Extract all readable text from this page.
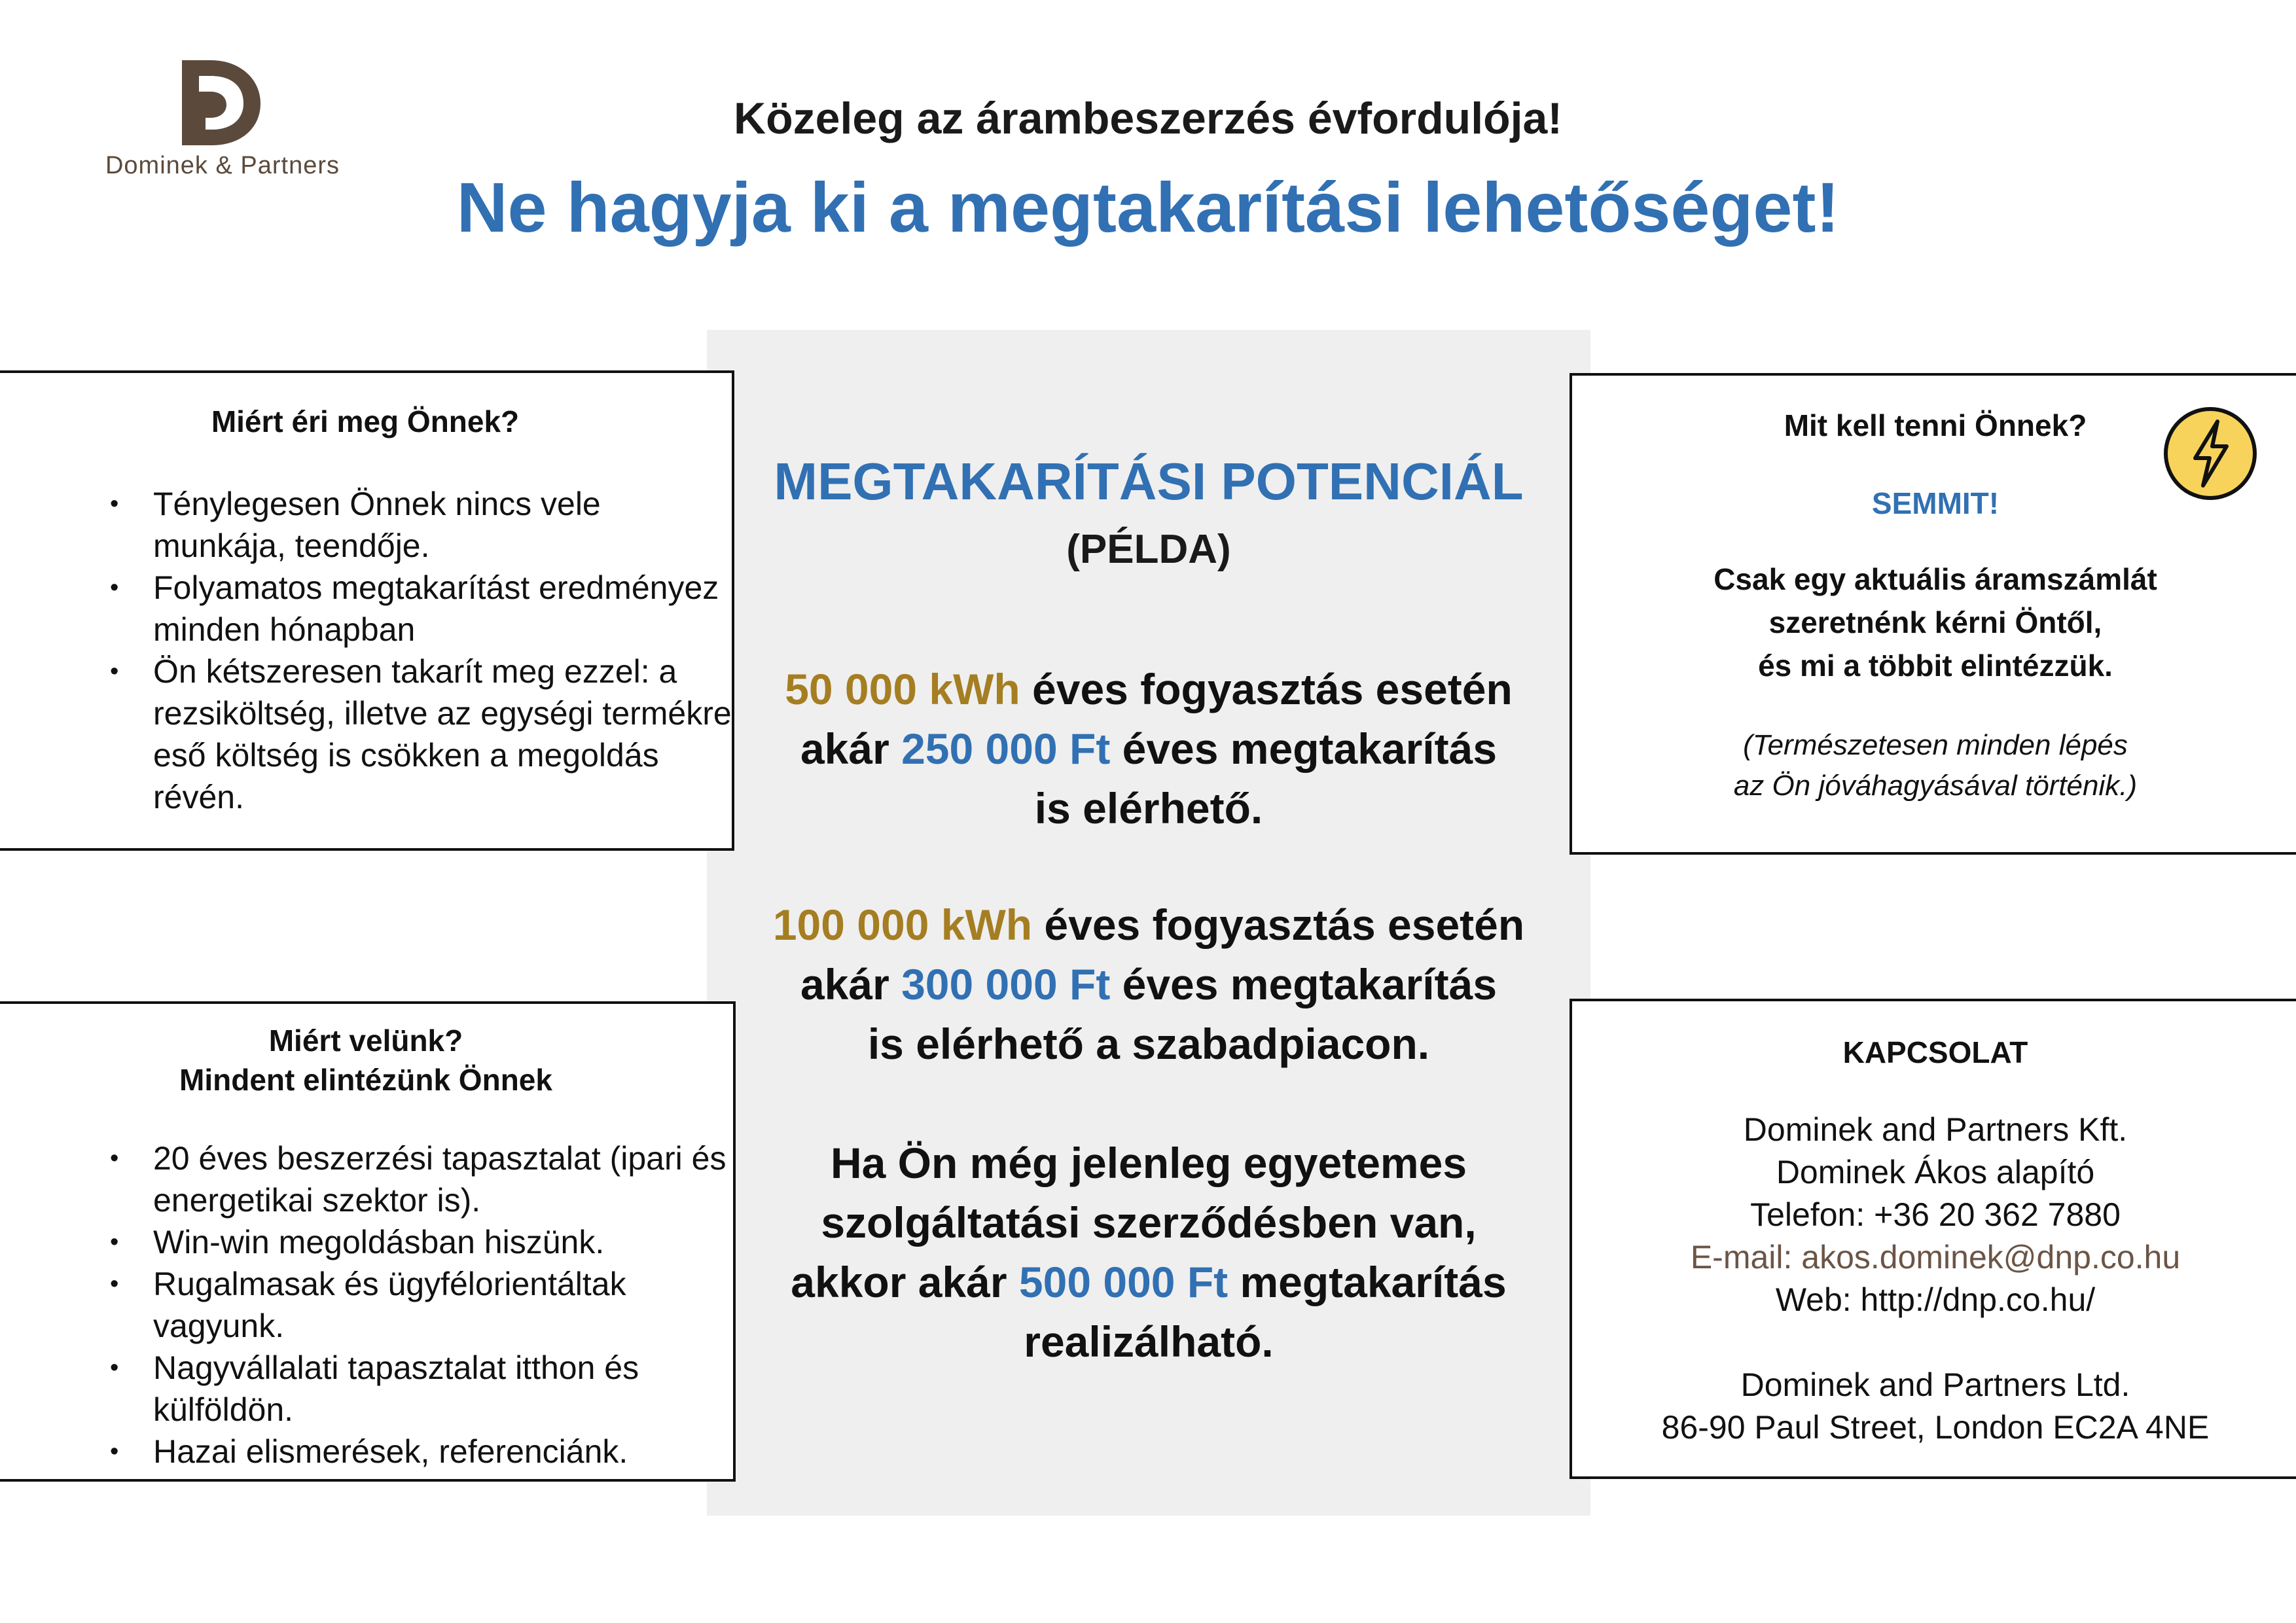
Dominek & Partners
Közeleg az árambeszerzés évfordulója!
Ne hagyja ki a megtakarítási lehetőséget!
MEGTAKARÍTÁSI POTENCIÁL
(PÉLDA)
50 000 kWh éves fogyasztás esetén
akár 250 000 Ft éves megtakarítás
is elérhető.
100 000 kWh éves fogyasztás esetén
akár 300 000 Ft éves megtakarítás
is elérhető a szabadpiacon.
Ha Ön még jelenleg egyetemes
szolgáltatási szerződésben van,
akkor akár 500 000 Ft megtakarítás
realizálható.
Miért éri meg Önnek?
• Ténylegesen Önnek nincs vele munkája, teendője.
• Folyamatos megtakarítást eredményez minden hónapban
• Ön kétszeresen takarít meg ezzel: a rezsiköltség, illetve az egységi termékre eső költség is csökken a megoldás révén.
Miért velünk?
Mindent elintézünk Önnek
• 20 éves beszerzési tapasztalat (ipari és energetikai szektor is).
• Win-win megoldásban hiszünk.
• Rugalmasak és ügyfélorientáltak vagyunk.
• Nagyvállalati tapasztalat itthon és külföldön.
• Hazai elismerések, referenciánk.
Mit kell tenni Önnek?
SEMMIT!
Csak egy aktuális áramszámlát
szeretnénk kérni Öntől,
és mi a többit elintézzük.
(Természetesen minden lépés
az Ön jóváhagyásával történik.)
KAPCSOLAT
Dominek and Partners Kft.
Dominek Ákos alapító
Telefon: +36 20 362 7880
E-mail: akos.dominek@dnp.co.hu
Web: http://dnp.co.hu/
Dominek and Partners Ltd.
86-90 Paul Street, London EC2A 4NE
